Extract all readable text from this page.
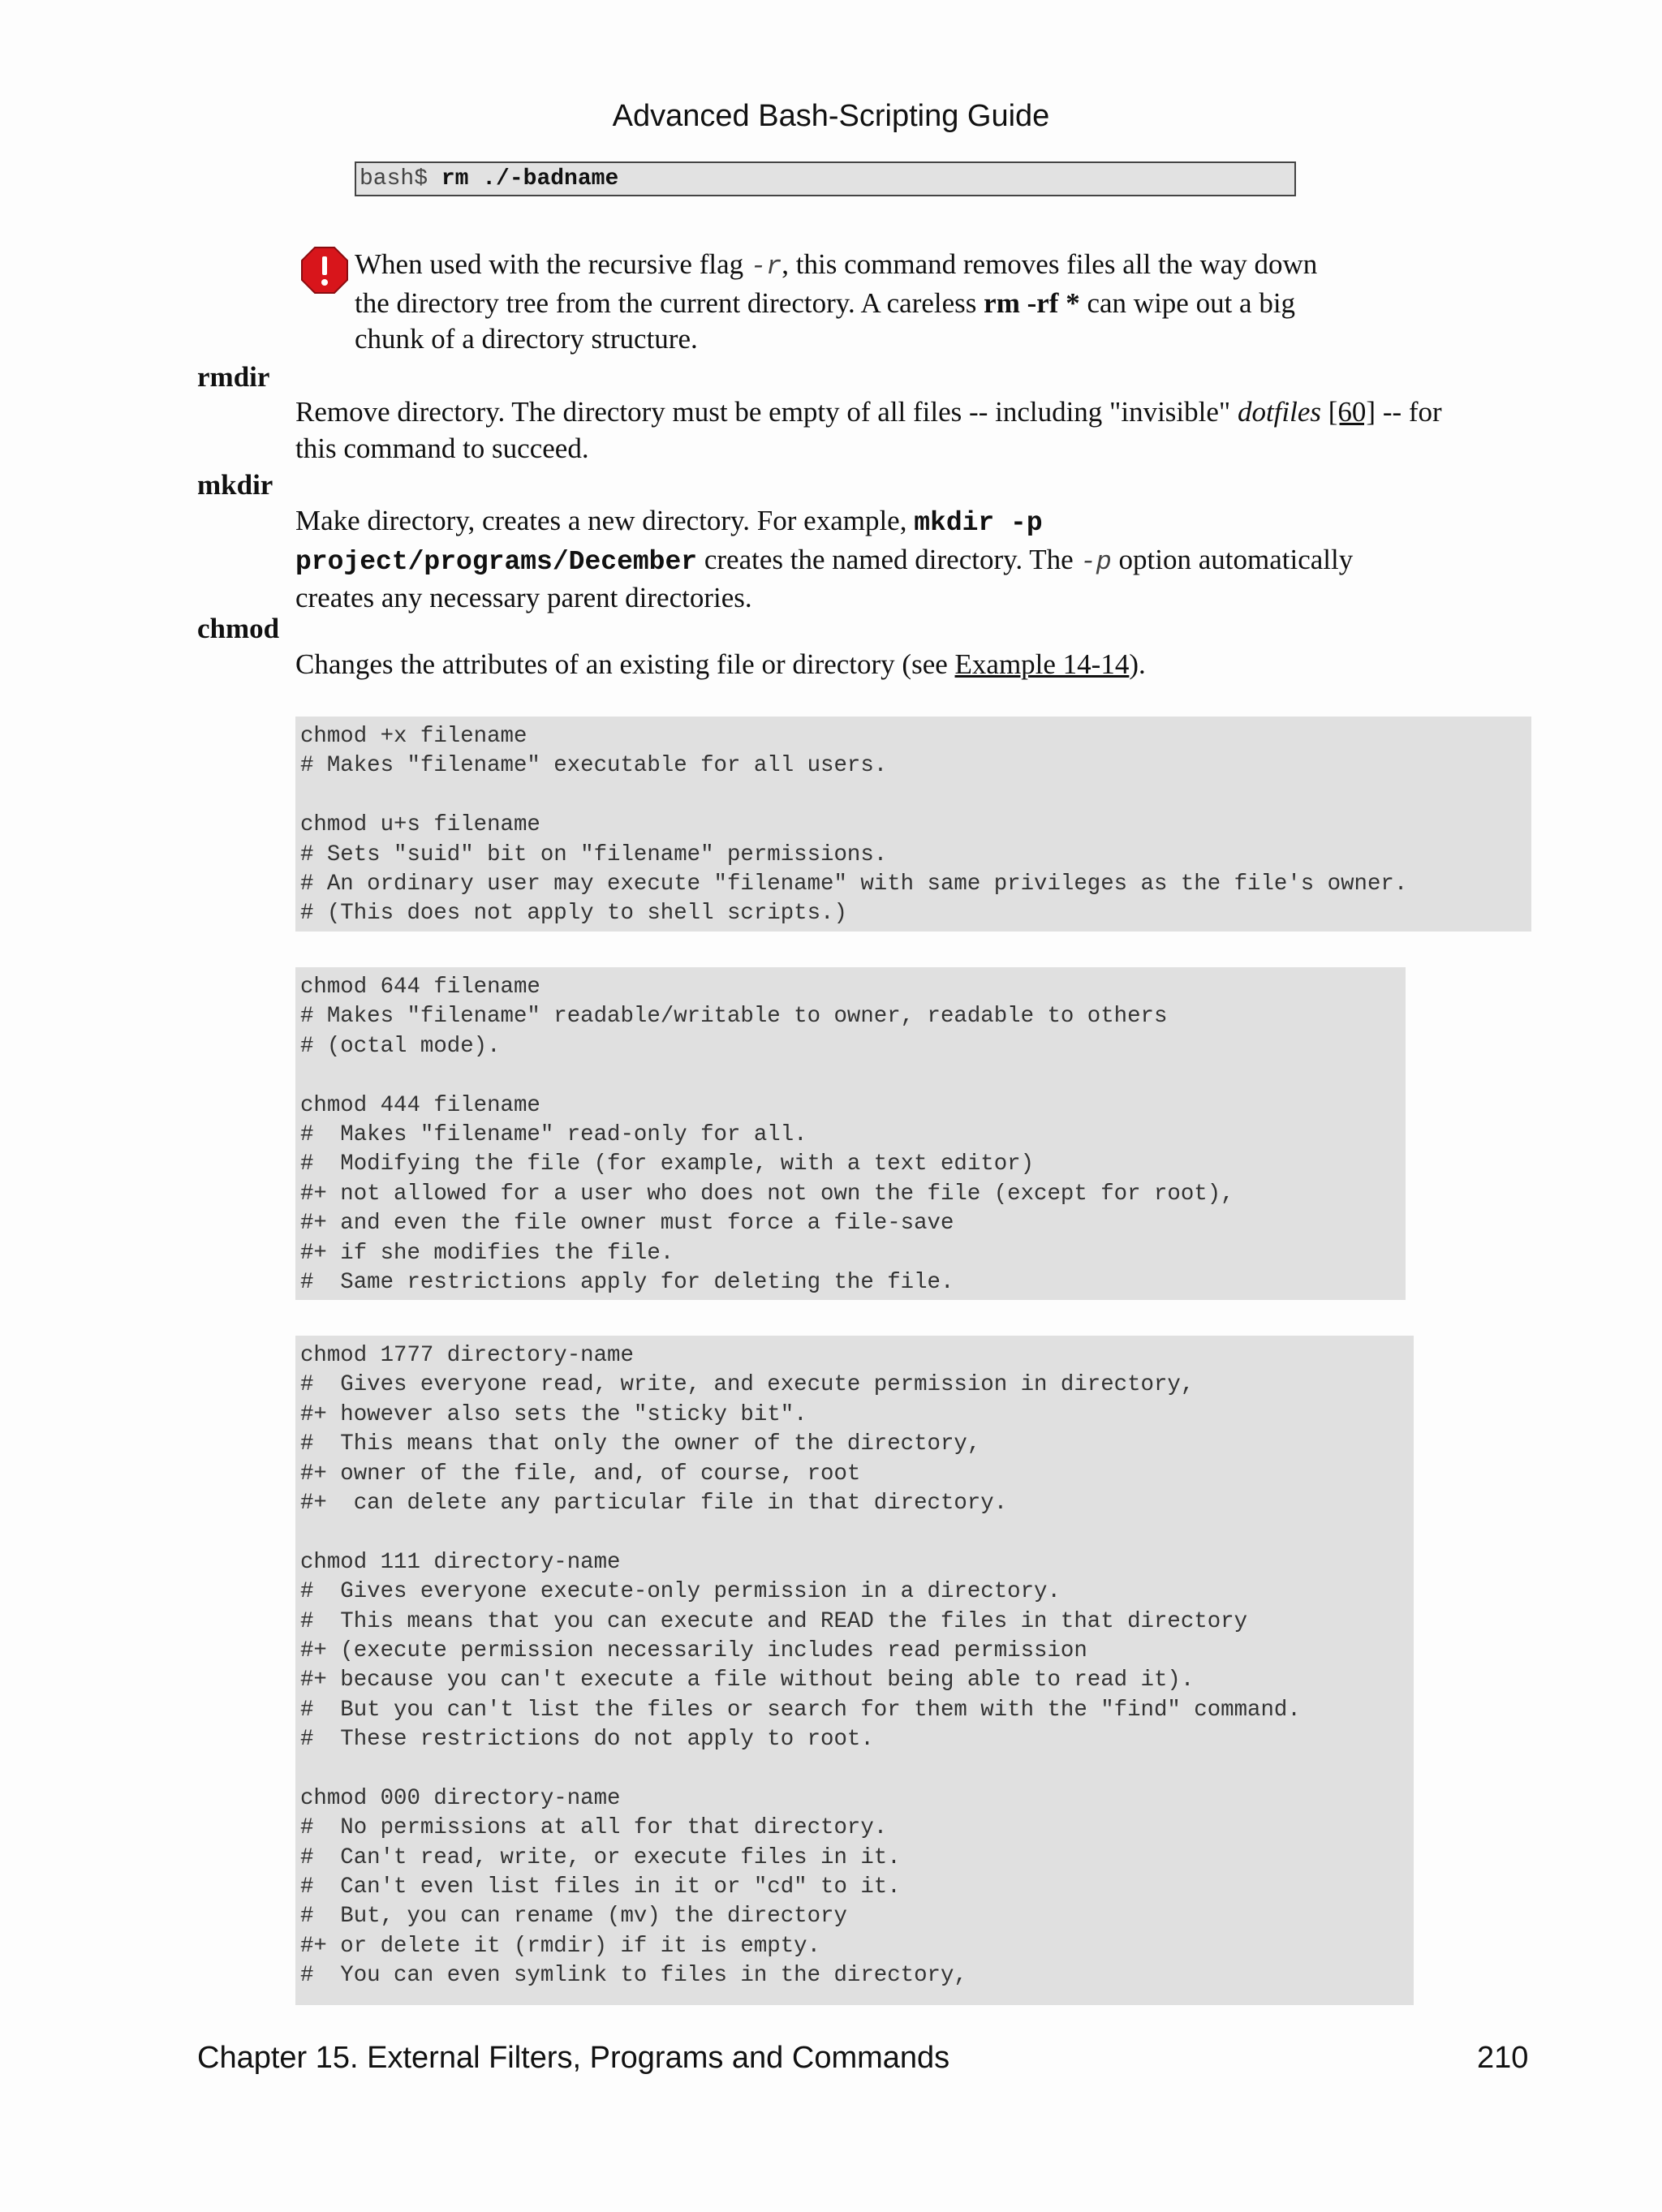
Advanced Bash-Scripting Guide
bash$ rm ./-badname
When used with the recursive flag -r, this command removes files all the way down
the directory tree from the current directory. A careless rm -rf * can wipe out a big
chunk of a directory structure.
rmdir
Remove directory. The directory must be empty of all files -- including "invisible" dotfiles [60] -- for
this command to succeed.
mkdir
Make directory, creates a new directory. For example, mkdir -p
project/programs/December creates the named directory. The -p option automatically
creates any necessary parent directories.
chmod
Changes the attributes of an existing file or directory (see Example 14-14).
chmod +x filename
# Makes "filename" executable for all users.
chmod u+s filename
# Sets "suid" bit on "filename" permissions.
# An ordinary user may execute "filename" with same privileges as the file's owner.
# (This does not apply to shell scripts.)
chmod 644 filename
# Makes "filename" readable/writable to owner, readable to others
# (octal mode).
chmod 444 filename
#  Makes "filename" read-only for all.
#  Modifying the file (for example, with a text editor)
#+ not allowed for a user who does not own the file (except for root),
#+ and even the file owner must force a file-save
#+ if she modifies the file.
#  Same restrictions apply for deleting the file.
chmod 1777 directory-name
#  Gives everyone read, write, and execute permission in directory,
#+ however also sets the "sticky bit".
#  This means that only the owner of the directory,
#+ owner of the file, and, of course, root
#+  can delete any particular file in that directory.
chmod 111 directory-name
#  Gives everyone execute-only permission in a directory.
#  This means that you can execute and READ the files in that directory
#+ (execute permission necessarily includes read permission
#+ because you can't execute a file without being able to read it).
#  But you can't list the files or search for them with the "find" command.
#  These restrictions do not apply to root.
chmod 000 directory-name
#  No permissions at all for that directory.
#  Can't read, write, or execute files in it.
#  Can't even list files in it or "cd" to it.
#  But, you can rename (mv) the directory
#+ or delete it (rmdir) if it is empty.
#  You can even symlink to files in the directory,
Chapter 15. External Filters, Programs and Commands	210
